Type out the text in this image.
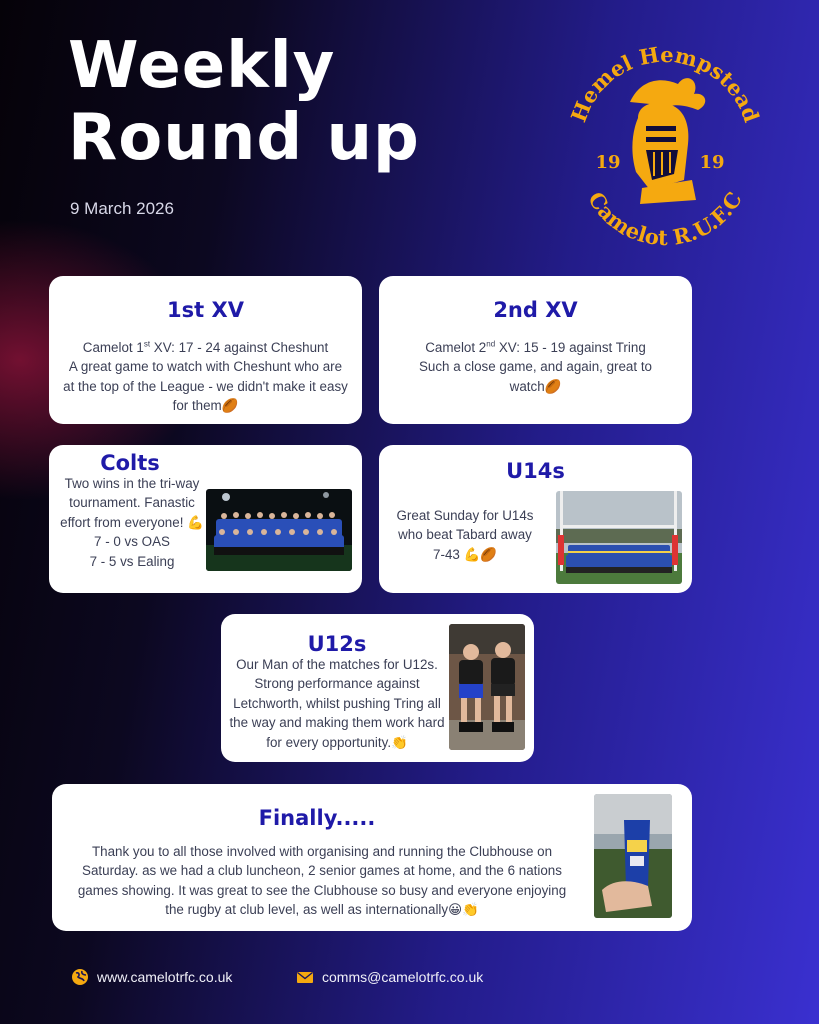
Weekly
Round up
9 March 2026
Hemel Hempstead
Camelot R.U.F.C
19	19
1st XV

Camelot 1st XV: 17 - 24 against Cheshunt

A great game to watch with Cheshunt who are at the top of the League - we didn't make it easy for them🏉

2nd XV

Camelot 2nd XV: 15 - 19 against Tring

Such a close game, and again, great to watch🏉

Colts

Two wins in the tri-way tournament. Fanastic effort from everyone! 💪

7 - 0 vs OAS

7 - 5 vs Ealing

U14s

Great Sunday for U14s who beat Tabard away 7-43 💪🏉

U12s

Our Man of the matches for U12s. Strong performance against Letchworth, whilst pushing Tring all the way and making them work hard for every opportunity.👏

Finally.....

Thank you to all those involved with organising and running the Clubhouse on Saturday. as we had a club luncheon, 2 senior games at home, and the 6 nations games showing. It was great to see the Clubhouse so busy and everyone enjoying the rugby at club level, as well as internationally😀👏

www.camelotrfc.co.uk	comms@camelotrfc.co.uk
